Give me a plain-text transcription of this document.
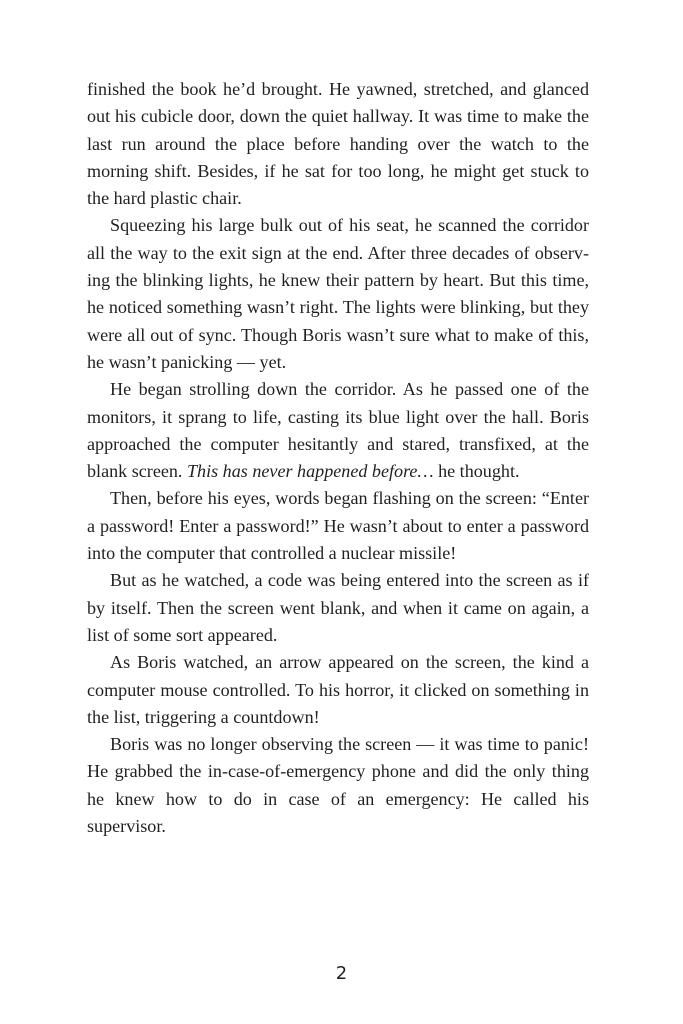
finished the book he’d brought. He yawned, stretched, and glanced out his cubicle door, down the quiet hallway. It was time to make the last run around the place before handing over the watch to the morning shift. Besides, if he sat for too long, he might get stuck to the hard plastic chair.

Squeezing his large bulk out of his seat, he scanned the corridor all the way to the exit sign at the end. After three decades of observing the blinking lights, he knew their pattern by heart. But this time, he noticed something wasn’t right. The lights were blinking, but they were all out of sync. Though Boris wasn’t sure what to make of this, he wasn’t panicking — yet.

He began strolling down the corridor. As he passed one of the monitors, it sprang to life, casting its blue light over the hall. Boris approached the computer hesitantly and stared, transfixed, at the blank screen. This has never happened before… he thought.

Then, before his eyes, words began flashing on the screen: “Enter a password! Enter a password!” He wasn’t about to enter a password into the computer that controlled a nuclear missile!

But as he watched, a code was being entered into the screen as if by itself. Then the screen went blank, and when it came on again, a list of some sort appeared.

As Boris watched, an arrow appeared on the screen, the kind a computer mouse controlled. To his horror, it clicked on something in the list, triggering a countdown!

Boris was no longer observing the screen — it was time to panic! He grabbed the in-case-of-emergency phone and did the only thing he knew how to do in case of an emergency: He called his supervisor.

2
